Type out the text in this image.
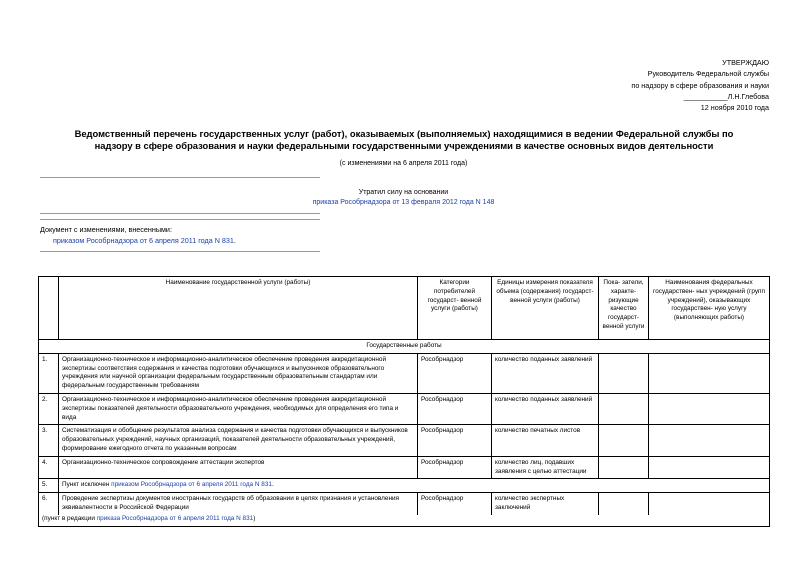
УТВЕРЖДАЮ
Руководитель Федеральной службы
по надзору в сфере образования и науки
___________Л.Н.Глебова
12 ноября 2010 года
Ведомственный перечень государственных услуг (работ), оказываемых (выполняемых) находящимися в ведении Федеральной службы по надзору в сфере образования и науки федеральными государственными учреждениями в качестве основных видов деятельности
(с изменениями на 6 апреля 2011 года)
Утратил силу на основании
приказа Рособрнадзора от 13 февраля 2012 года N 148
Документ с изменениями, внесенными:
приказом Рособрнадзора от 6 апреля 2011 года N 831.
	Наименование государственной услуги (работы)	Категории потребителей государст- венной услуги (работы)	Единицы измерения показателя объема (содержания) государст- венной услуги (работы)	Пока- затели, характе- ризующие качество государст- венной услуги	Наименования федеральных государствен- ных учреждений (групп учреждений), оказывающих государствен- ную услугу (выполняющих работы)
Государственные работы					
1.	Организационно-техническое и информационно-аналитическое обеспечение проведения аккредитационной экспертизы соответствия содержания и качества подготовки обучающихся и выпускников образовательного учреждения или научной организации федеральным государственным образовательным стандартам или федеральным государственным требованиям	Рособрнадзор	количество поданных заявлений		
2.	Организационно-техническое и информационно-аналитическое обеспечение проведения аккредитационной экспертизы показателей деятельности образовательного учреждения, необходимых для определения его типа и вида	Рособрнадзор	количество поданных заявлений		
3.	Систематизация и обобщение результатов анализа содержания и качества подготовки обучающихся и выпускников образовательных учреждений, научных организаций, показателей деятельности образовательных учреждений, формирование ежегодного отчета по указанным вопросам	Рособрнадзор	количество печатных листов		
4.	Организационно-техническое сопровождение аттестации экспертов	Рособрнадзор	количество лиц, подавших заявления с целью аттестации		
5.	Пункт исключен приказом Рособрнадзора от 6 апреля 2011 года N 831.				
6.	Проведение экспертизы документов иностранных государств об образовании в целях признания и установления эквивалентности в Российской Федерации	Рособрнадзор	количество экспертных заключений		
(пункт в редакции приказа Рособрнадзора от 6 апреля 2011 года N 831)					
